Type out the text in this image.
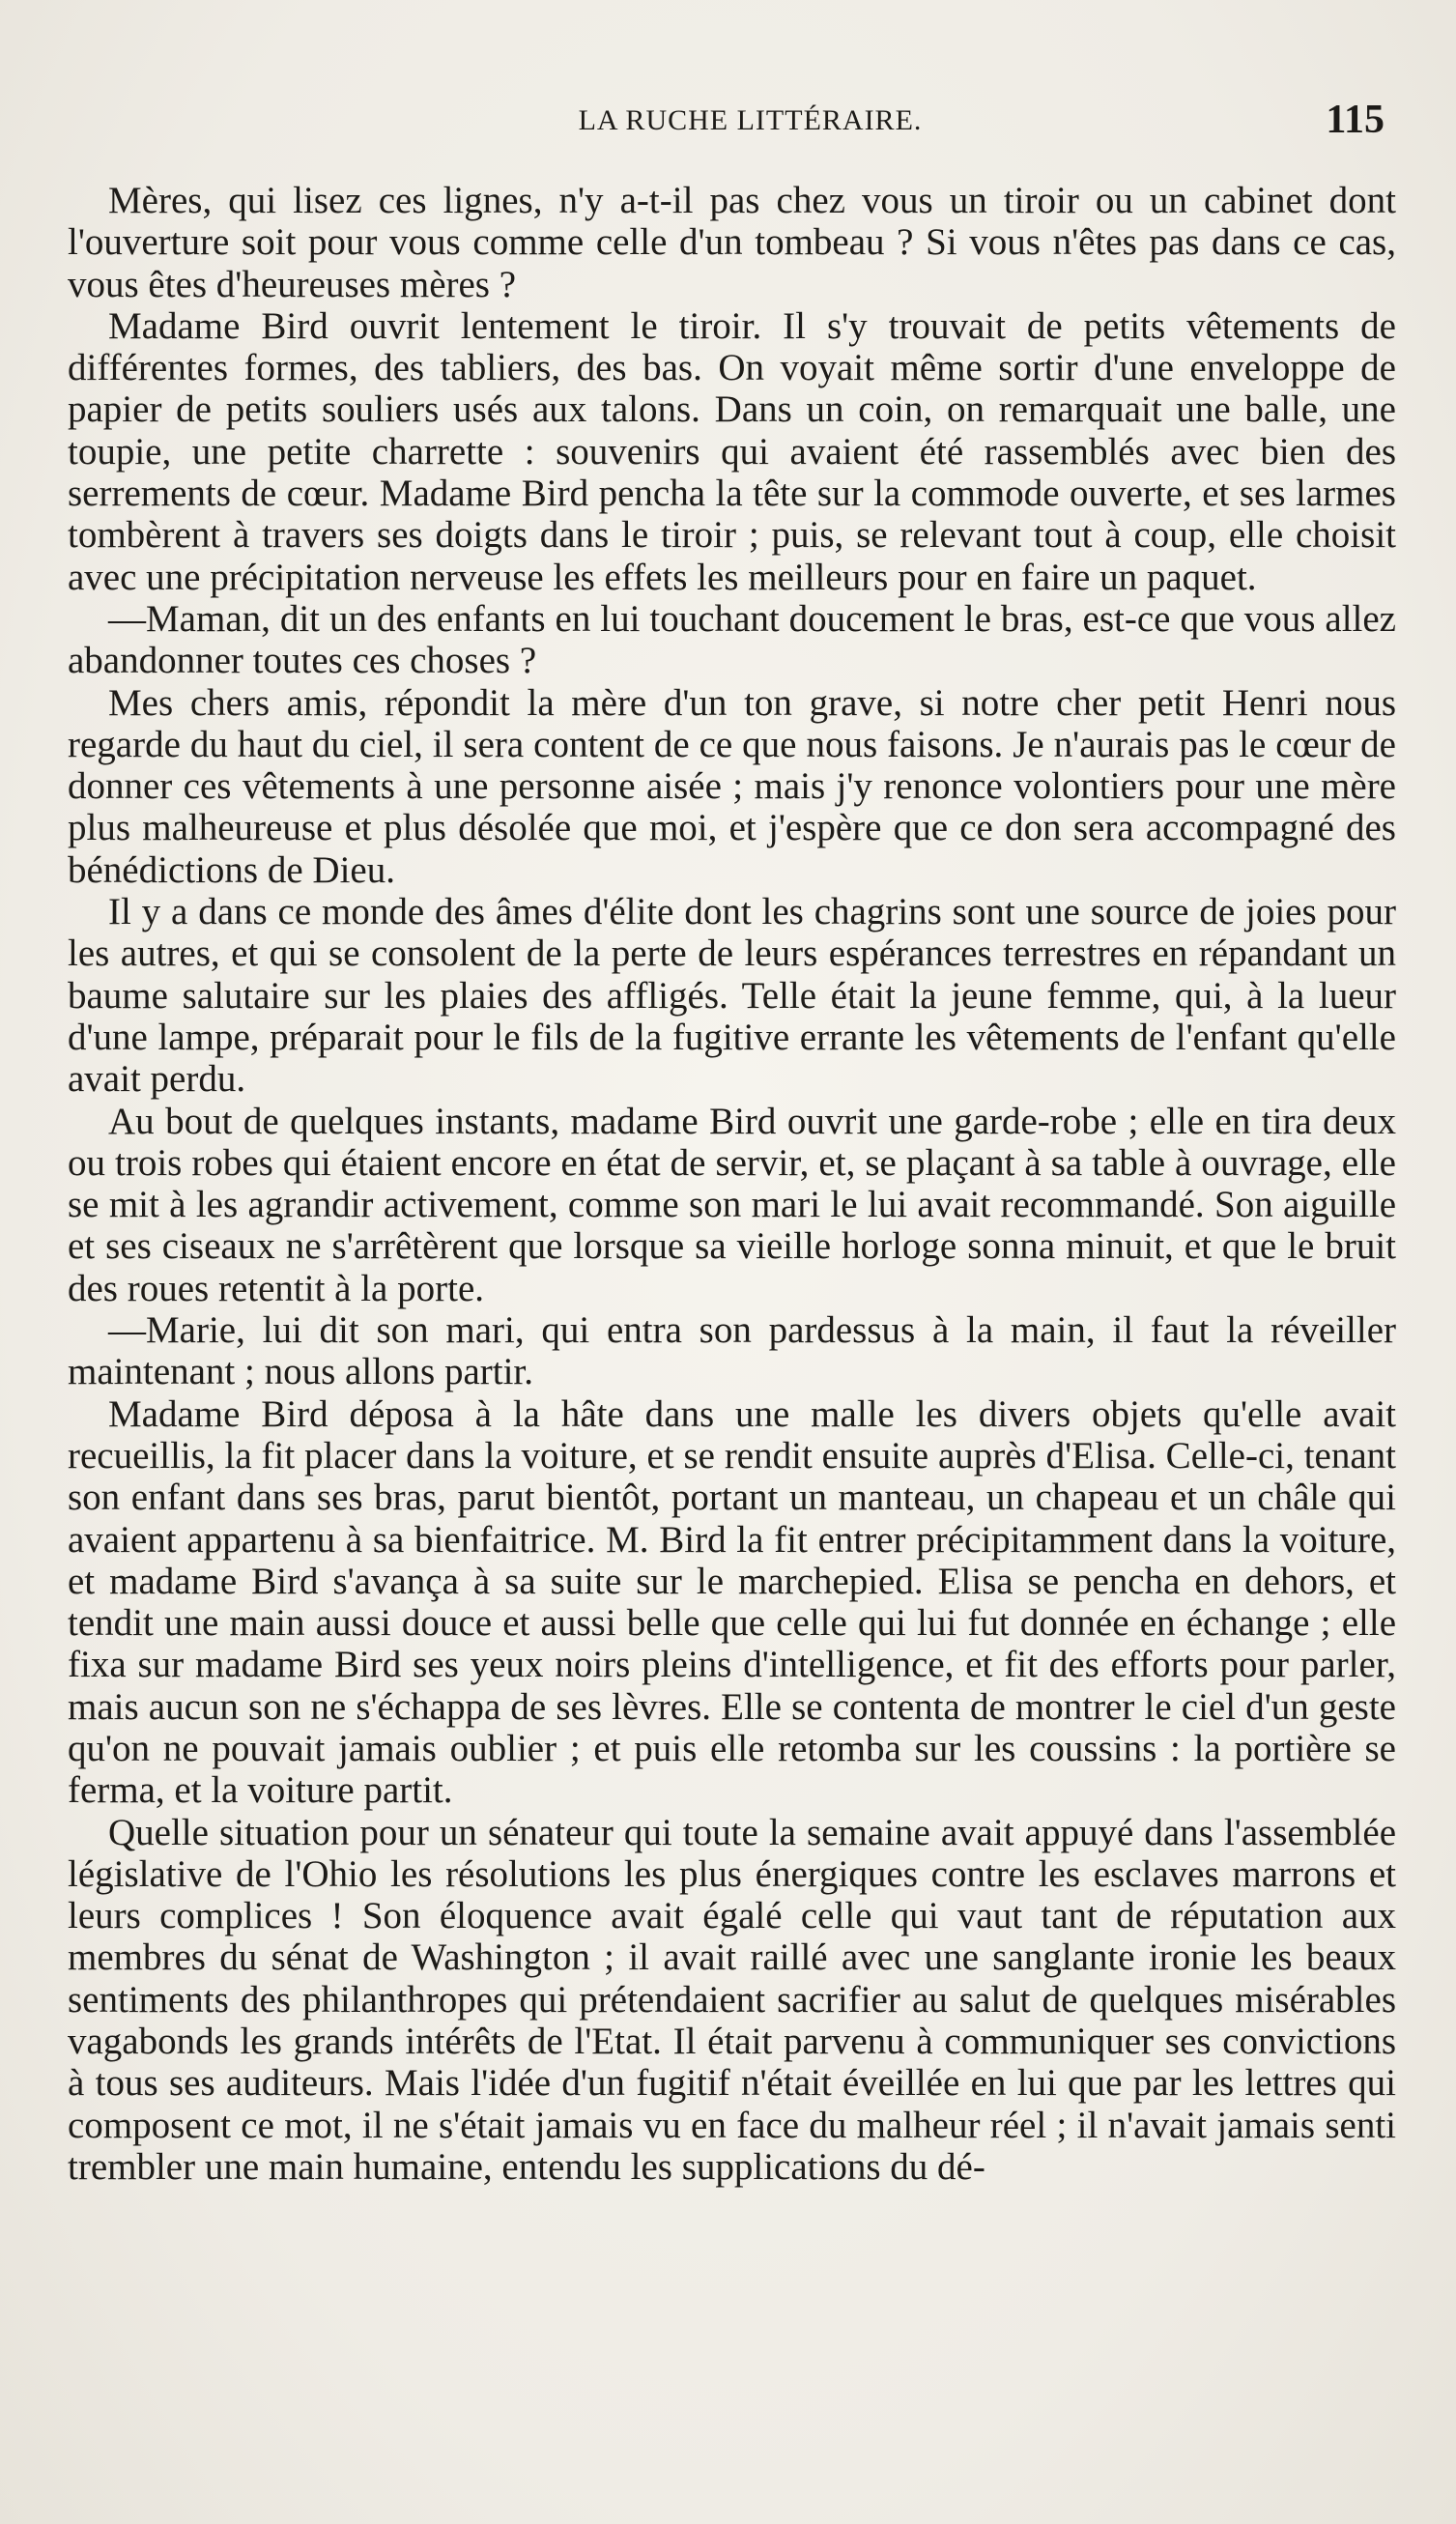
LA RUCHE LITTÉRAIRE.	115

Mères, qui lisez ces lignes, n'y a-t-il pas chez vous un tiroir ou un cabinet dont l'ouverture soit pour vous comme celle d'un tombeau ? Si vous n'êtes pas dans ce cas, vous êtes d'heureuses mères ?

Madame Bird ouvrit lentement le tiroir. Il s'y trouvait de petits vêtements de différentes formes, des tabliers, des bas. On voyait même sortir d'une enveloppe de papier de petits souliers usés aux talons. Dans un coin, on remarquait une balle, une toupie, une petite charrette : souvenirs qui avaient été rassemblés avec bien des serrements de cœur. Madame Bird pencha la tête sur la commode ouverte, et ses larmes tombèrent à travers ses doigts dans le tiroir ; puis, se relevant tout à coup, elle choisit avec une précipitation nerveuse les effets les meilleurs pour en faire un paquet.

—Maman, dit un des enfants en lui touchant doucement le bras, est-ce que vous allez abandonner toutes ces choses ?

Mes chers amis, répondit la mère d'un ton grave, si notre cher petit Henri nous regarde du haut du ciel, il sera content de ce que nous faisons. Je n'aurais pas le cœur de donner ces vêtements à une personne aisée ; mais j'y renonce volontiers pour une mère plus malheureuse et plus désolée que moi, et j'espère que ce don sera accompagné des bénédictions de Dieu.

Il y a dans ce monde des âmes d'élite dont les chagrins sont une source de joies pour les autres, et qui se consolent de la perte de leurs espérances terrestres en répandant un baume salutaire sur les plaies des affligés. Telle était la jeune femme, qui, à la lueur d'une lampe, préparait pour le fils de la fugitive errante les vêtements de l'enfant qu'elle avait perdu.

Au bout de quelques instants, madame Bird ouvrit une garde-robe ; elle en tira deux ou trois robes qui étaient encore en état de servir, et, se plaçant à sa table à ouvrage, elle se mit à les agrandir activement, comme son mari le lui avait recommandé. Son aiguille et ses ciseaux ne s'arrêtèrent que lorsque sa vieille horloge sonna minuit, et que le bruit des roues retentit à la porte.

—Marie, lui dit son mari, qui entra son pardessus à la main, il faut la réveiller maintenant ; nous allons partir.

Madame Bird déposa à la hâte dans une malle les divers objets qu'elle avait recueillis, la fit placer dans la voiture, et se rendit ensuite auprès d'Elisa. Celle-ci, tenant son enfant dans ses bras, parut bientôt, portant un manteau, un chapeau et un châle qui avaient appartenu à sa bienfaitrice. M. Bird la fit entrer précipitamment dans la voiture, et madame Bird s'avança à sa suite sur le marchepied. Elisa se pencha en dehors, et tendit une main aussi douce et aussi belle que celle qui lui fut donnée en échange ; elle fixa sur madame Bird ses yeux noirs pleins d'intelligence, et fit des efforts pour parler, mais aucun son ne s'échappa de ses lèvres. Elle se contenta de montrer le ciel d'un geste qu'on ne pouvait jamais oublier ; et puis elle retomba sur les coussins : la portière se ferma, et la voiture partit.

Quelle situation pour un sénateur qui toute la semaine avait appuyé dans l'assemblée législative de l'Ohio les résolutions les plus énergiques contre les esclaves marrons et leurs complices ! Son éloquence avait égalé celle qui vaut tant de réputation aux membres du sénat de Washington ; il avait raillé avec une sanglante ironie les beaux sentiments des philanthropes qui prétendaient sacrifier au salut de quelques misérables vagabonds les grands intérêts de l'Etat. Il était parvenu à communiquer ses convictions à tous ses auditeurs. Mais l'idée d'un fugitif n'était éveillée en lui que par les lettres qui composent ce mot, il ne s'était jamais vu en face du malheur réel ; il n'avait jamais senti trembler une main humaine, entendu les supplications du dé-
